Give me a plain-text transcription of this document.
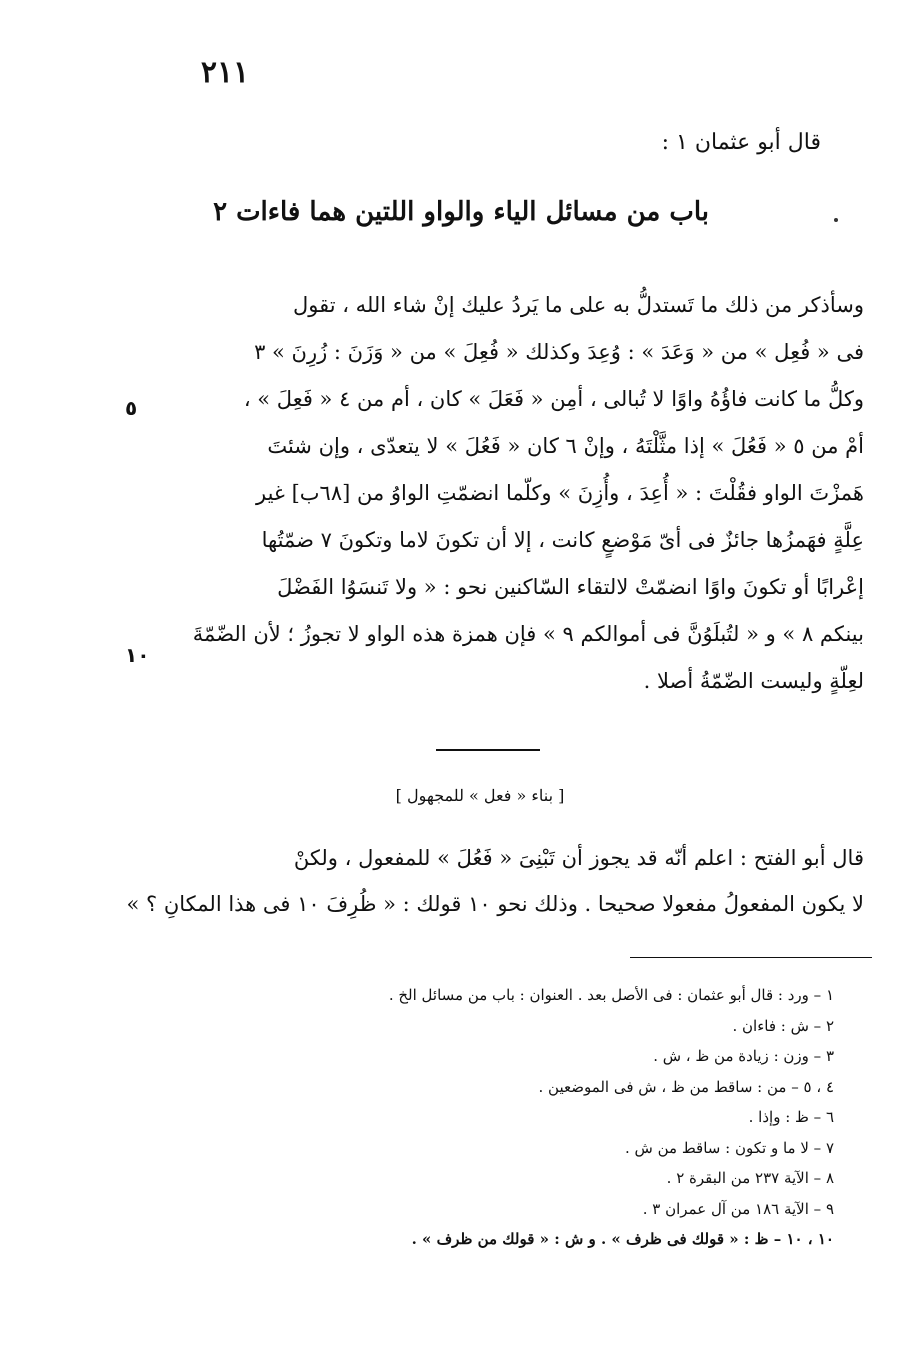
٢١١
قال أبو عثمان ١ :
باب من مسائل الياء والواو اللتين هما فاءات ٢
وسأذكر من ذلك ما تَستدلُّ به على ما يَردُ عليك إنْ شاء الله ، تقول
فى « فُعِل » من « وَعَدَ » : وُعِدَ وكذلك « فُعِلَ » من « وَزَنَ : زُرِنَ » ٣
وكلُّ ما كانت فاؤُهُ واوًا لا تُبالى ، أمِن « فَعَلَ » كان ، أم من ٤ « فَعِلَ » ،
أمْ من ٥ « فَعُلَ » إذا مثَّلْتَهُ ، وإنْ ٦ كان « فَعُلَ » لا يتعدّى ، وإن شئتَ
هَمزْتَ الواو فقُلْتَ : « أُعِدَ ، وأُزِنَ » وكلّما انضمّتِ الواوُ من [٦٨ب] غير
عِلَّةٍ فهَمزُها جائزٌ فى أىّ مَوْضعٍ كانت ، إلا أن تكونَ لاما وتكونَ ٧ ضمّتُها
إعْرابًا أو تكونَ واوًا انضمّتْ لالتقاء السّاكنين نحو : « ولا تَنسَوُا الفَضْلَ
بينكم ٨ » و « لتُبلَوُنَّ فى أموالكم ٩ » فإن همزة هذه الواو لا تجوزُ ؛ لأن الضّمّةَ
لعِلّةٍ وليست الضّمّةُ أصلا .
٥
١٠
[ بناء « فعل » للمجهول ]
قال أبو الفتح : اعلم أنّه قد يجوز أن تَبْنِىَ « فَعُلَ » للمفعول ، ولكنْ
لا يكون المفعولُ مفعولا صحيحا . وذلك نحو ١٠ قولك : « ظُرِفَ ١٠ فى هذا المكانِ ؟ »
١ – ورد : قال أبو عثمان : فى الأصل بعد . العنوان : باب من مسائل الخ .
٢ – ش : فاءان .
٣ – وزن : زيادة من ظ ، ش .
٤ ، ٥ – من : ساقط من ظ ، ش فى الموضعين .
٦ – ظ : وإذا .
٧ – لا ما و تكون : ساقط من ش .
٨ – الآية ٢٣٧ من البقرة ٢ .
٩ – الآية ١٨٦ من آل عمران ٣ .
١٠ ، ١٠ – ظ : « قولك فى ظرف » . و ش : « قولك من ظرف » .
